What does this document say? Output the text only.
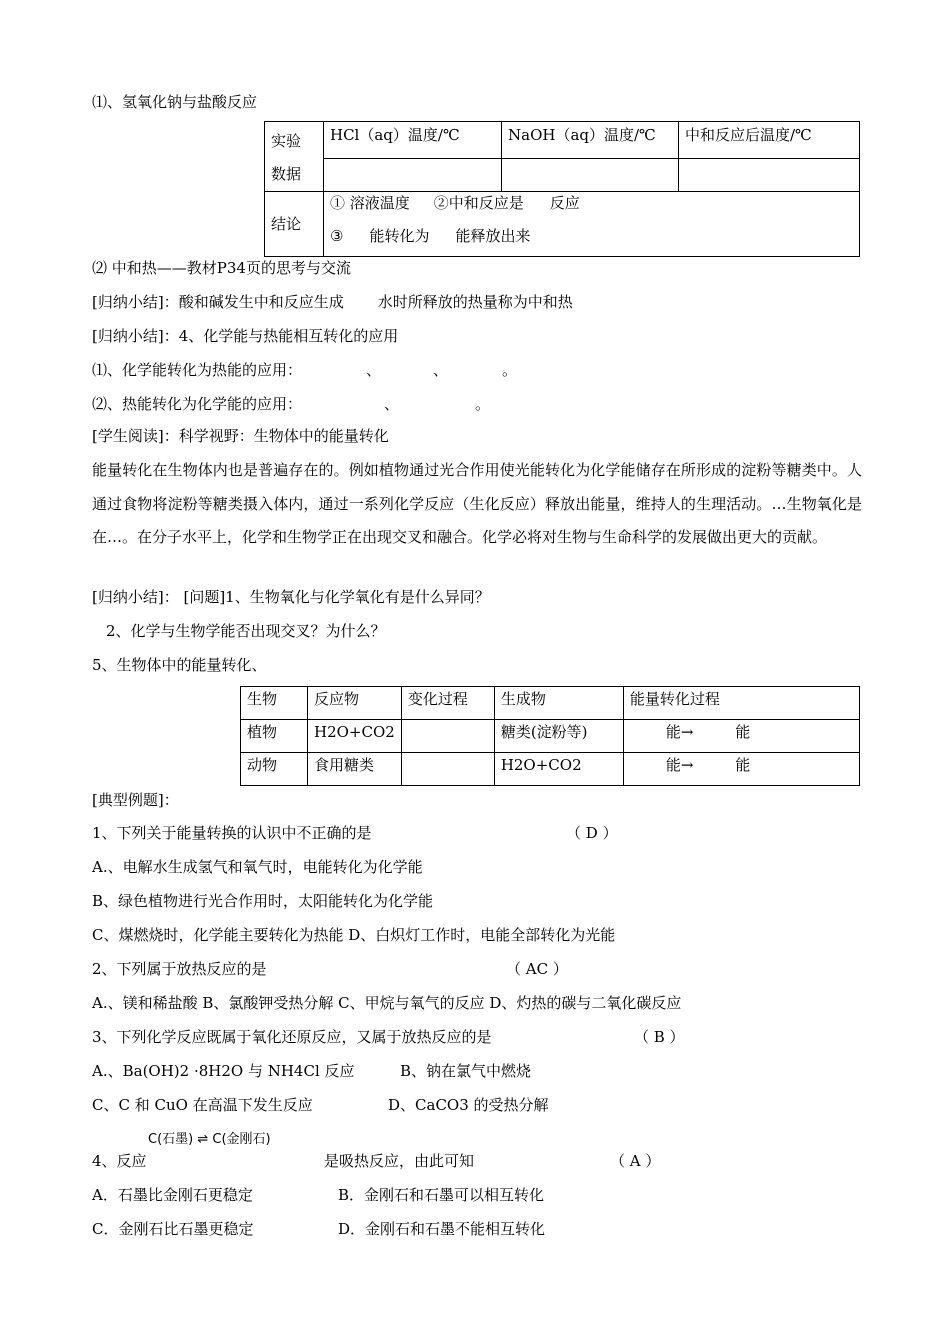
⑴、氢氧化钠与盐酸反应
实验
数据	HCl（aq）温度/℃	NaOH（aq）温度/℃	中和反应后温度/℃

结论	① 溶液温度 ②中和反应是 反应
③ 能转化为 能释放出来		
⑵ 中和热——教材P34页的思考与交流
[归纳小结]：酸和碱发生中和反应生成 水时所释放的热量称为中和热
[归纳小结]：4、化学能与热能相互转化的应用
⑴、化学能转化为热能的应用：	、	、	。
⑵、热能转化为化学能的应用：	、	。
[学生阅读]：科学视野：生物体中的能量转化
能量转化在生物体内也是普遍存在的。例如植物通过光合作用使光能转化为化学能储存在所形成的淀粉等糖类中。人通过食物将淀粉等糖类摄入体内，通过一系列化学反应（生化反应）释放出能量，维持人的生理活动。…生物氧化是在…。在分子水平上，化学和生物学正在出现交叉和融合。化学必将对生物与生命科学的发展做出更大的贡献。
[归纳小结]： [问题]1、生物氧化与化学氧化有是什么异同？
2、化学与生物学能否出现交叉？为什么？
5、生物体中的能量转化、
生物	反应物	变化过程	生成物	能量转化过程
植物	H2O+CO2		糖类(淀粉等)	能→ 能
动物	食用糖类		H2O+CO2	能→ 能
[典型例题]：
1、下列关于能量转换的认识中不正确的是	（ D ）
A.、电解水生成氢气和氧气时，电能转化为化学能
B、绿色植物进行光合作用时，太阳能转化为化学能
C、煤燃烧时，化学能主要转化为热能 D、白炽灯工作时，电能全部转化为光能
2、下列属于放热反应的是	（ AC ）
A.、镁和稀盐酸 B、氯酸钾受热分解 C、甲烷与氧气的反应 D、灼热的碳与二氧化碳反应
3、下列化学反应既属于氧化还原反应，又属于放热反应的是	（ B ）
A.、Ba(OH)2 ·8H2O 与 NH4Cl 反应	B、钠在氯气中燃烧
C、C 和 CuO 在高温下发生反应	D、CaCO3 的受热分解
C(石墨) ⇌ C(金刚石)
4、反应	是吸热反应，由此可知	（ A ）
A．石墨比金刚石更稳定	B．金刚石和石墨可以相互转化
C．金刚石比石墨更稳定	D．金刚石和石墨不能相互转化
